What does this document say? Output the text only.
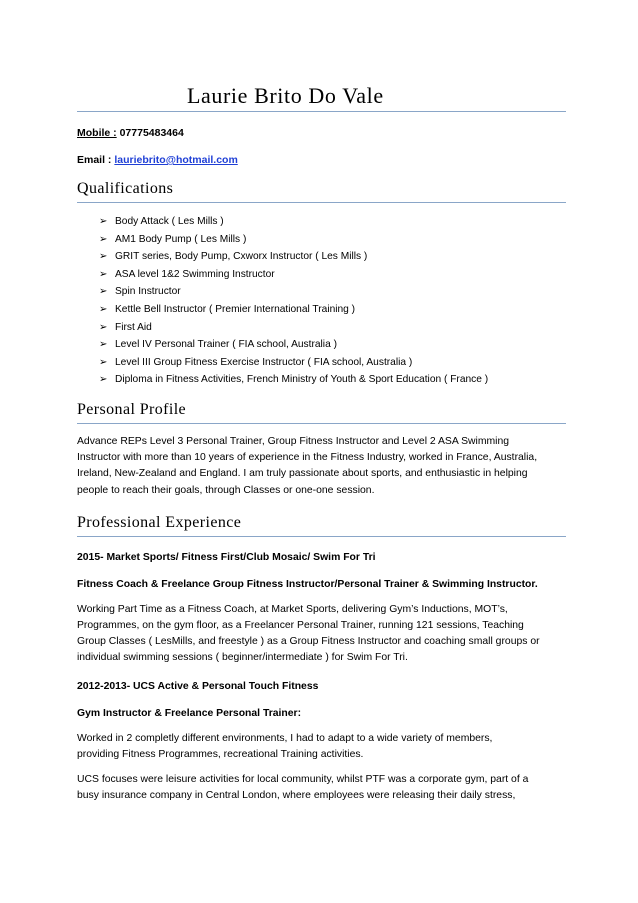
Laurie Brito Do Vale
Mobile : 07775483464
Email : lauriebrito@hotmail.com
Qualifications
➢ Body Attack ( Les Mills )
➢ AM1 Body Pump ( Les Mills )
➢ GRIT series, Body Pump, Cxworx Instructor ( Les Mills )
➢ ASA level 1&2 Swimming Instructor
➢ Spin Instructor
➢ Kettle Bell Instructor ( Premier International Training )
➢ First Aid
➢ Level IV Personal Trainer ( FIA school, Australia )
➢ Level III Group Fitness Exercise Instructor ( FIA school, Australia )
➢ Diploma in Fitness Activities, French Ministry of Youth & Sport Education ( France )
Personal Profile

Advance REPs Level 3 Personal Trainer, Group Fitness Instructor and Level 2 ASA Swimming
Instructor with more than 10 years of experience in the Fitness Industry, worked in France, Australia,
Ireland, New-Zealand and England. I am truly passionate about sports, and enthusiastic in helping
people to reach their goals, through Classes or one-one session.

Professional Experience
2015- Market Sports/ Fitness First/Club Mosaic/ Swim For Tri
Fitness Coach & Freelance Group Fitness Instructor/Personal Trainer & Swimming Instructor.

Working Part Time as a Fitness Coach, at Market Sports, delivering Gym’s Inductions, MOT’s,
Programmes, on the gym floor, as a Freelancer Personal Trainer, running 121 sessions, Teaching
Group Classes ( LesMills, and freestyle ) as a Group Fitness Instructor and coaching small groups or
individual swimming sessions ( beginner/intermediate ) for Swim For Tri.

2012-2013- UCS Active & Personal Touch Fitness
Gym Instructor & Freelance Personal Trainer:

Worked in 2 completly different environments, I had to adapt to a wide variety of members,
providing Fitness Programmes, recreational Training activities.

UCS focuses were leisure activities for local community, whilst PTF was a corporate gym, part of a
busy insurance company in Central London, where employees were releasing their daily stress,
